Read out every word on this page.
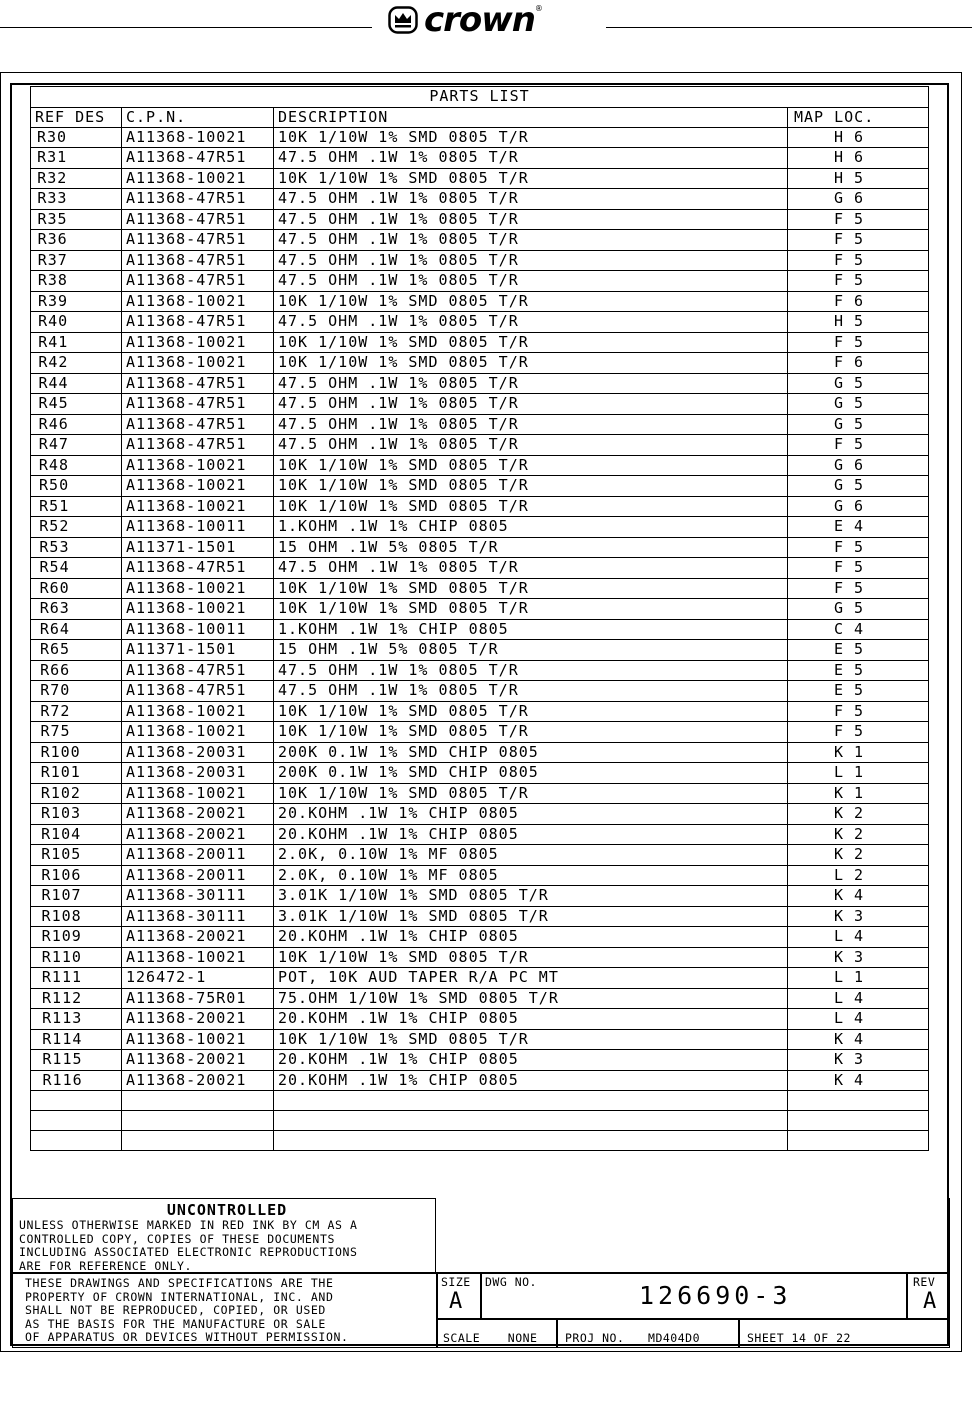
crown ®
PARTS LIST			
REF DES	C.P.N.	DESCRIPTION	MAP LOC.
R30	A11368-10021	10K 1/10W 1% SMD 0805 T/R	H 6
R31	A11368-47R51	47.5 OHM .1W 1% 0805 T/R	H 6
R32	A11368-10021	10K 1/10W 1% SMD 0805 T/R	H 5
R33	A11368-47R51	47.5 OHM .1W 1% 0805 T/R	G 6
R35	A11368-47R51	47.5 OHM .1W 1% 0805 T/R	F 5
R36	A11368-47R51	47.5 OHM .1W 1% 0805 T/R	F 5
R37	A11368-47R51	47.5 OHM .1W 1% 0805 T/R	F 5
R38	A11368-47R51	47.5 OHM .1W 1% 0805 T/R	F 5
R39	A11368-10021	10K 1/10W 1% SMD 0805 T/R	F 6
R40	A11368-47R51	47.5 OHM .1W 1% 0805 T/R	H 5
R41	A11368-10021	10K 1/10W 1% SMD 0805 T/R	F 5
R42	A11368-10021	10K 1/10W 1% SMD 0805 T/R	F 6
R44	A11368-47R51	47.5 OHM .1W 1% 0805 T/R	G 5
R45	A11368-47R51	47.5 OHM .1W 1% 0805 T/R	G 5
R46	A11368-47R51	47.5 OHM .1W 1% 0805 T/R	G 5
R47	A11368-47R51	47.5 OHM .1W 1% 0805 T/R	F 5
R48	A11368-10021	10K 1/10W 1% SMD 0805 T/R	G 6
R50	A11368-10021	10K 1/10W 1% SMD 0805 T/R	G 5
R51	A11368-10021	10K 1/10W 1% SMD 0805 T/R	G 6
R52	A11368-10011	1.KOHM .1W 1% CHIP 0805	E 4
R53	A11371-1501	15 OHM .1W 5% 0805 T/R	F 5
R54	A11368-47R51	47.5 OHM .1W 1% 0805 T/R	F 5
R60	A11368-10021	10K 1/10W 1% SMD 0805 T/R	F 5
R63	A11368-10021	10K 1/10W 1% SMD 0805 T/R	G 5
R64	A11368-10011	1.KOHM .1W 1% CHIP 0805	C 4
R65	A11371-1501	15 OHM .1W 5% 0805 T/R	E 5
R66	A11368-47R51	47.5 OHM .1W 1% 0805 T/R	E 5
R70	A11368-47R51	47.5 OHM .1W 1% 0805 T/R	E 5
R72	A11368-10021	10K 1/10W 1% SMD 0805 T/R	F 5
R75	A11368-10021	10K 1/10W 1% SMD 0805 T/R	F 5
R100	A11368-20031	200K 0.1W 1% SMD CHIP 0805	K 1
R101	A11368-20031	200K 0.1W 1% SMD CHIP 0805	L 1
R102	A11368-10021	10K 1/10W 1% SMD 0805 T/R	K 1
R103	A11368-20021	20.KOHM .1W 1% CHIP 0805	K 2
R104	A11368-20021	20.KOHM .1W 1% CHIP 0805	K 2
R105	A11368-20011	2.0K, 0.10W 1% MF 0805	K 2
R106	A11368-20011	2.0K, 0.10W 1% MF 0805	L 2
R107	A11368-30111	3.01K 1/10W 1% SMD 0805 T/R	K 4
R108	A11368-30111	3.01K 1/10W 1% SMD 0805 T/R	K 3
R109	A11368-20021	20.KOHM .1W 1% CHIP 0805	L 4
R110	A11368-10021	10K 1/10W 1% SMD 0805 T/R	K 3
R111	126472-1	POT, 10K AUD TAPER R/A PC MT	L 1
R112	A11368-75R01	75.OHM 1/10W 1% SMD 0805 T/R	L 4
R113	A11368-20021	20.KOHM .1W 1% CHIP 0805	L 4
R114	A11368-10021	10K 1/10W 1% SMD 0805 T/R	K 4
R115	A11368-20021	20.KOHM .1W 1% CHIP 0805	K 3
R116	A11368-20021	20.KOHM .1W 1% CHIP 0805	K 4

UNCONTROLLED
UNLESS OTHERWISE MARKED IN RED INK BY CM AS A
CONTROLLED COPY, COPIES OF THESE DOCUMENTS
INCLUDING ASSOCIATED ELECTRONIC REPRODUCTIONS
ARE FOR REFERENCE ONLY.
THESE DRAWINGS AND SPECIFICATIONS ARE THE
PROPERTY OF CROWN INTERNATIONAL, INC. AND
SHALL NOT BE REPRODUCED, COPIED, OR USED
AS THE BASIS FOR THE MANUFACTURE OR SALE
OF APPARATUS OR DEVICES WITHOUT PERMISSION.
SIZE
A
DWG NO.	126690-3	REV
A
SCALE NONE	PROJ NO. MD404D0	SHEET 14 OF 22
